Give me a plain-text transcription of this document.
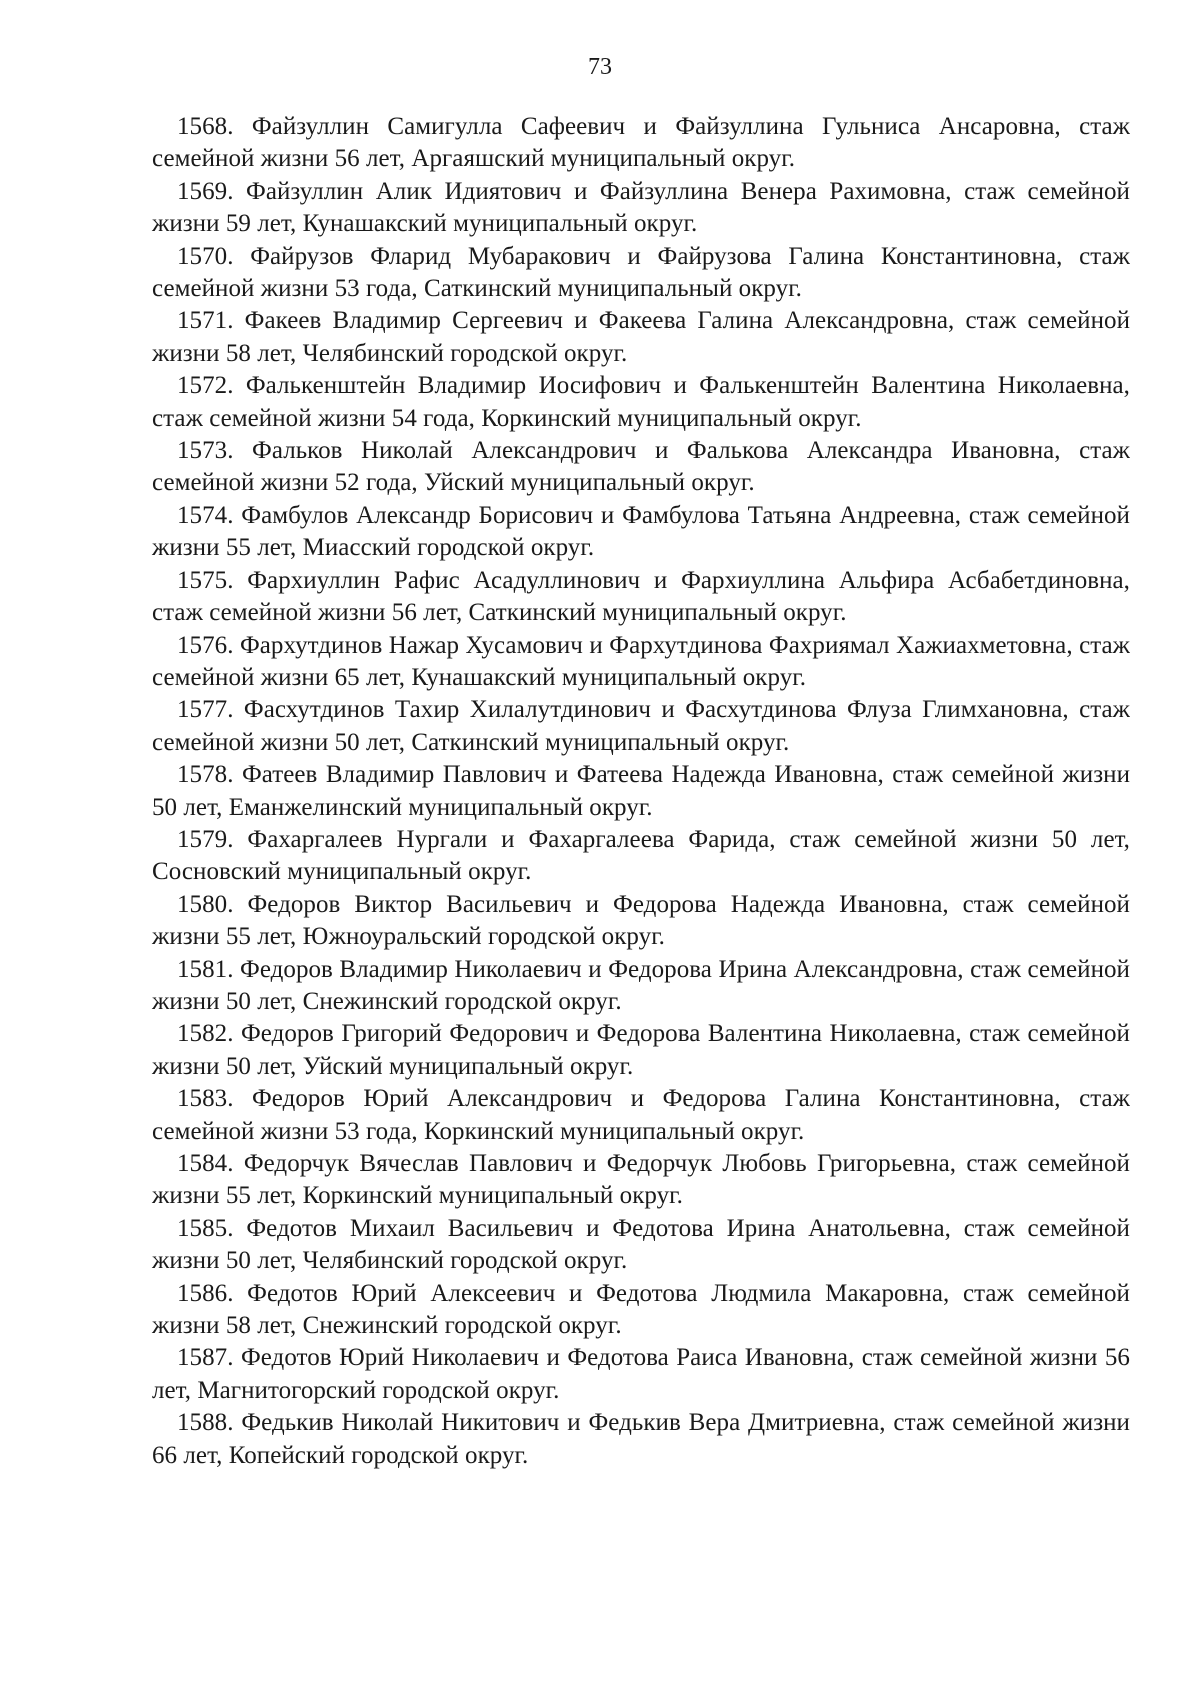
73

1568. Файзуллин Самигулла Сафеевич и Файзуллина Гульниса Ансаровна, стаж семейной жизни 56 лет, Аргаяшский муниципальный округ.

1569. Файзуллин Алик Идиятович и Файзуллина Венера Рахимовна, стаж семейной жизни 59 лет, Кунашакский муниципальный округ.

1570. Файрузов Фларид Мубаракович и Файрузова Галина Константиновна, стаж семейной жизни 53 года, Саткинский муниципальный округ.

1571. Факеев Владимир Сергеевич и Факеева Галина Александровна, стаж семейной жизни 58 лет, Челябинский городской округ.

1572. Фалькенштейн Владимир Иосифович и Фалькенштейн Валентина Николаевна, стаж семейной жизни 54 года, Коркинский муниципальный округ.

1573. Фальков Николай Александрович и Фалькова Александра Ивановна, стаж семейной жизни 52 года, Уйский муниципальный округ.

1574. Фамбулов Александр Борисович и Фамбулова Татьяна Андреевна, стаж семейной жизни 55 лет, Миасский городской округ.

1575. Фархиуллин Рафис Асадуллинович и Фархиуллина Альфира Асбабетдиновна, стаж семейной жизни 56 лет, Саткинский муниципальный округ.

1576. Фархутдинов Нажар Хусамович и Фархутдинова Фахриямал Хажиахметовна, стаж семейной жизни 65 лет, Кунашакский муниципальный округ.

1577. Фасхутдинов Тахир Хилалутдинович и Фасхутдинова Флуза Глимхановна, стаж семейной жизни 50 лет, Саткинский муниципальный округ.

1578. Фатеев Владимир Павлович и Фатеева Надежда Ивановна, стаж семейной жизни 50 лет, Еманжелинский муниципальный округ.

1579. Фахаргалеев Нургали и Фахаргалеева Фарида, стаж семейной жизни 50 лет, Сосновский муниципальный округ.

1580. Федоров Виктор Васильевич и Федорова Надежда Ивановна, стаж семейной жизни 55 лет, Южноуральский городской округ.

1581. Федоров Владимир Николаевич и Федорова Ирина Александровна, стаж семейной жизни 50 лет, Снежинский городской округ.

1582. Федоров Григорий Федорович и Федорова Валентина Николаевна, стаж семейной жизни 50 лет, Уйский муниципальный округ.

1583. Федоров Юрий Александрович и Федорова Галина Константиновна, стаж семейной жизни 53 года, Коркинский муниципальный округ.

1584. Федорчук Вячеслав Павлович и Федорчук Любовь Григорьевна, стаж семейной жизни 55 лет, Коркинский муниципальный округ.

1585. Федотов Михаил Васильевич и Федотова Ирина Анатольевна, стаж семейной жизни 50 лет, Челябинский городской округ.

1586. Федотов Юрий Алексеевич и Федотова Людмила Макаровна, стаж семейной жизни 58 лет, Снежинский городской округ.

1587. Федотов Юрий Николаевич и Федотова Раиса Ивановна, стаж семейной жизни 56 лет, Магнитогорский городской округ.

1588. Федькив Николай Никитович и Федькив Вера Дмитриевна, стаж семейной жизни 66 лет, Копейский городской округ.
